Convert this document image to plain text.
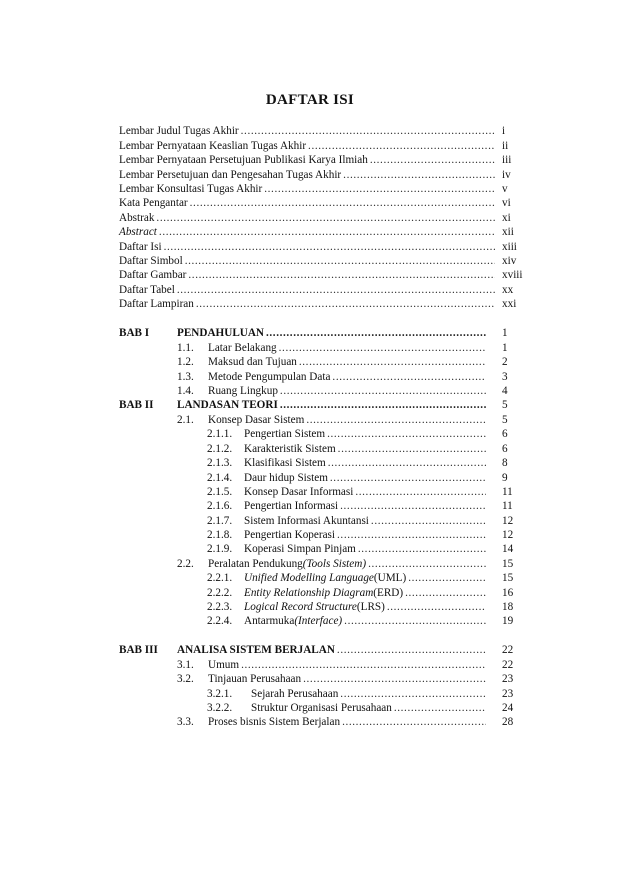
DAFTAR ISI
Lembar Judul Tugas Akhir .....	i
Lembar Pernyataan Keaslian Tugas Akhir .....	ii
Lembar Pernyataan Persetujuan Publikasi Karya Ilmiah .....	iii
Lembar Persetujuan dan Pengesahan Tugas Akhir .....	iv
Lembar Konsultasi Tugas Akhir .....	v
Kata Pengantar .....	vi
Abstrak .....	xi
Abstract .....	xii
Daftar Isi .....	xiii
Daftar Simbol .....	xiv
Daftar Gambar .....	xviii
Daftar Tabel .....	xx
Daftar Lampiran .....	xxi
BAB I PENDAHULUAN .....	1
1.1.	Latar Belakang .....	1
1.2.	Maksud dan Tujuan .....	2
1.3.	Metode Pengumpulan Data .....	3
1.4.	Ruang Lingkup .....	4
BAB II LANDASAN TEORI .....	5
2.1.	Konsep Dasar Sistem .....	5
2.1.1.	Pengertian Sistem .....	6
2.1.2.	Karakteristik Sistem .....	6
2.1.3.	Klasifikasi Sistem .....	8
2.1.4.	Daur hidup Sistem .....	9
2.1.5.	Konsep Dasar Informasi .....	11
2.1.6.	Pengertian Informasi .....	11
2.1.7.	Sistem Informasi Akuntansi .....	12
2.1.8.	Pengertian Koperasi .....	12
2.1.9.	Koperasi Simpan Pinjam .....	14
2.2.	Peralatan Pendukung (Tools Sistem) .....	15
2.2.1.	Unified Modelling Language (UML) .....	15
2.2.2.	Entity Relationship Diagram (ERD) .....	16
2.2.3.	Logical Record Structure (LRS) .....	18
2.2.4.	Antarmuka (Interface) .....	19
BAB III ANALISA SISTEM BERJALAN .....	22
3.1.	Umum .....	22
3.2.	Tinjauan Perusahaan .....	23
3.2.1.	Sejarah Perusahaan .....	23
3.2.2.	Struktur Organisasi Perusahaan .....	24
3.3.	Proses bisnis Sistem Berjalan .....	28
